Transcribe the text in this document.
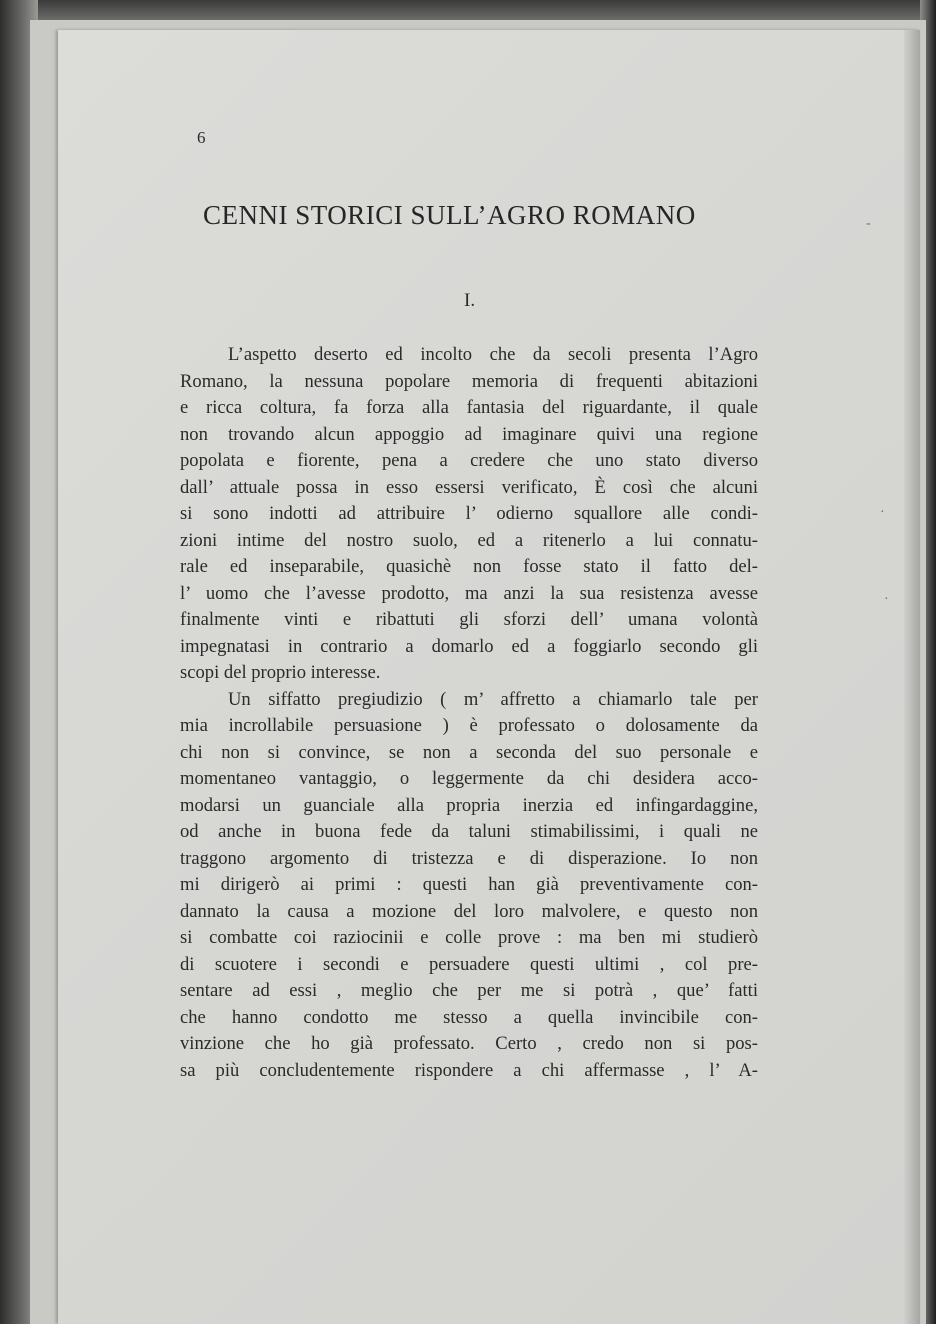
6
CENNI STORICI SULL’AGRO ROMANO
I.
L’aspetto deserto ed incolto che da secoli presenta l’Agro
Romano, la nessuna popolare memoria di frequenti abitazioni
e ricca coltura, fa forza alla fantasia del riguardante, il quale
non trovando alcun appoggio ad imaginare quivi una regione
popolata e fiorente, pena a credere che uno stato diverso
dall’ attuale possa in esso essersi verificato, È così che alcuni
si sono indotti ad attribuire l’ odierno squallore alle condi-
zioni intime del nostro suolo, ed a ritenerlo a lui connatu-
rale ed inseparabile, quasichè non fosse stato il fatto del-
l’ uomo che l’avesse prodotto, ma anzi la sua resistenza avesse
finalmente vinti e ribattuti gli sforzi dell’ umana volontà
impegnatasi in contrario a domarlo ed a foggiarlo secondo gli
scopi del proprio interesse.
Un siffatto pregiudizio ( m’ affretto a chiamarlo tale per
mia incrollabile persuasione ) è professato o dolosamente da
chi non si convince, se non a seconda del suo personale e
momentaneo vantaggio, o leggermente da chi desidera acco-
modarsi un guanciale alla propria inerzia ed infingardaggine,
od anche in buona fede da taluni stimabilissimi, i quali ne
traggono argomento di tristezza e di disperazione. Io non
mi dirigerò ai primi : questi han già preventivamente con-
dannato la causa a mozione del loro malvolere, e questo non
si combatte coi raziocinii e colle prove : ma ben mi studierò
di scuotere i secondi e persuadere questi ultimi , col pre-
sentare ad essi , meglio che per me si potrà , que’ fatti
che hanno condotto me stesso a quella invincibile con-
vinzione che ho già professato. Certo , credo non si pos-
sa più concludentemente rispondere a chi affermasse , l’ A-
-
·
·
